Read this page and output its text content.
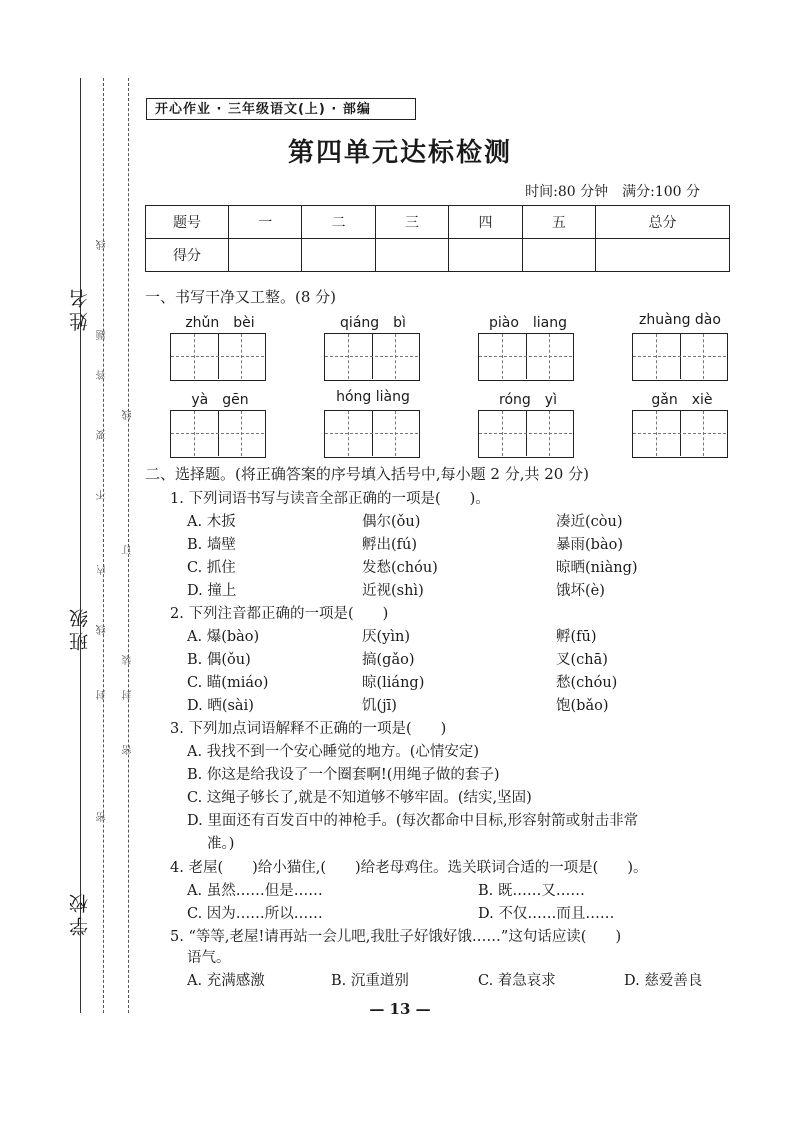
姓名
班级
学校
线
题
答
要
不
内
线
封
密
线
订
装
封
密
开心作业 · 三年级语文(上) · 部编
第四单元达标检测
时间:80 分钟　满分:100 分
题号	一	二	三	四	五	总分
得分						
一、书写干净又工整。(8 分)
zhǔn　bèi	qiáng　bì	piào　liang	zhuàng dào
yà　gēn	hóng liàng	róng　yì	gǎn　xiè
二、选择题。(将正确答案的序号填入括号中,每小题 2 分,共 20 分)
1. 下列词语书写与读音全部正确的一项是(　　)。
A. 木扳	偶尔(ǒu)	凑近(còu)
B. 墙壁	孵出(fú)	暴雨(bào)
C. 抓住	发愁(chóu)	晾晒(niàng)
D. 撞上	近视(shì)	饿坏(è)
2. 下列注音都正确的一项是(　　)
A. 爆(bào)	厌(yìn)	孵(fū)
B. 偶(ǒu)	搞(gǎo)	叉(chā)
C. 瞄(miáo)	晾(liáng)	愁(chóu)
D. 晒(sài)	饥(jī)	饱(bǎo)
3. 下列加点词语解释不正确的一项是(　　)
A. 我找不到一个安心睡觉的地方。(心情安定)
B. 你这是给我设了一个圈套啊!(用绳子做的套子)
C. 这绳子够长了,就是不知道够不够牢固。(结实,坚固)
D. 里面还有百发百中的神枪手。(每次都命中目标,形容射箭或射击非常
准。)
4. 老屋(　　)给小猫住,(　　)给老母鸡住。选关联词合适的一项是(　　)。
A. 虽然……但是……	B. 既……又……
C. 因为……所以……	D. 不仅……而且……
5. “等等,老屋!请再站一会儿吧,我肚子好饿好饿……”这句话应读(　　)
语气。
A. 充满感激	B. 沉重道别	C. 着急哀求	D. 慈爱善良
— 13 —
